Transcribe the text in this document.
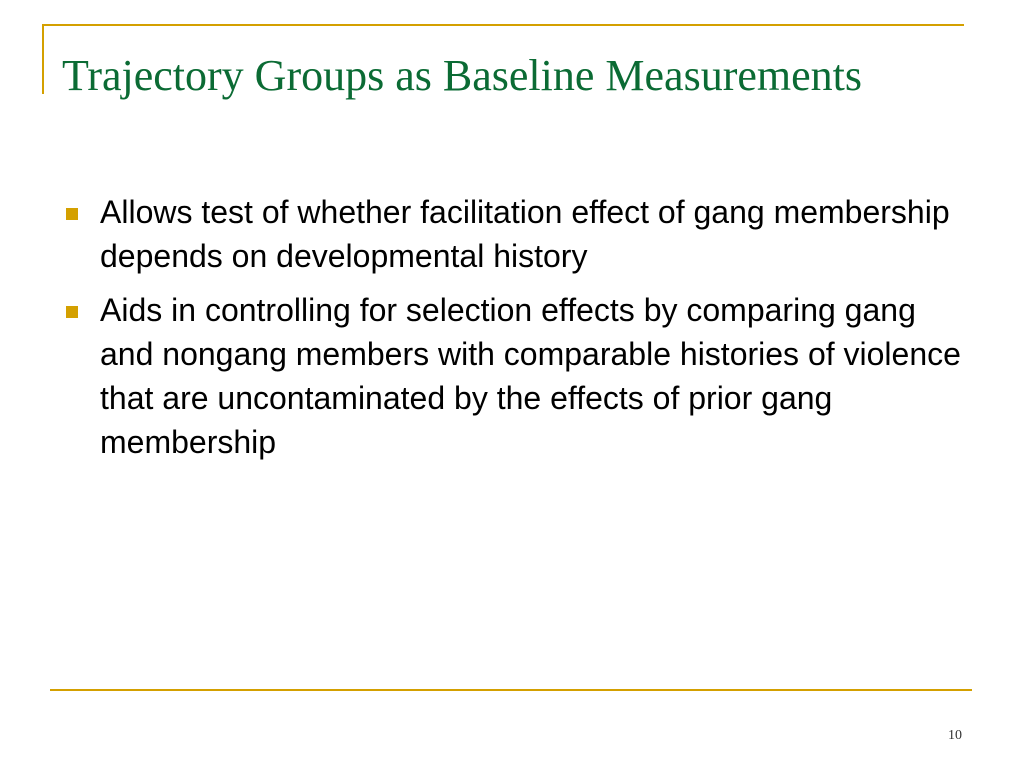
Trajectory Groups as Baseline Measurements
Allows test of whether facilitation effect of gang membership depends on developmental history
Aids in controlling for selection effects by comparing gang and nongang members with comparable histories of violence that are uncontaminated by the effects of prior gang membership
10
